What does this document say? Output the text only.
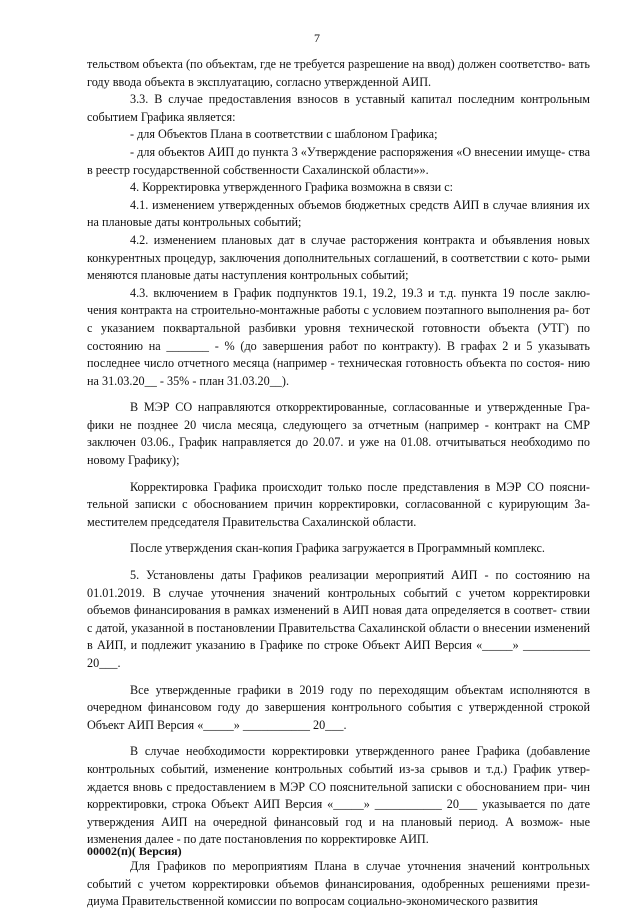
7

тельством объекта (по объектам, где не требуется разрешение на ввод) должен соответство- вать году ввода объекта в эксплуатацию, согласно утвержденной АИП.

3.3. В случае предоставления взносов в уставный капитал последним контрольным событием Графика является:

- для Объектов Плана в соответствии с шаблоном Графика;

- для объектов АИП до пункта 3 «Утверждение распоряжения «О внесении имуще- ства в реестр государственной собственности Сахалинской области»».

4. Корректировка утвержденного Графика возможна в связи с:

4.1. изменением утвержденных объемов бюджетных средств АИП в случае влияния их на плановые даты контрольных событий;

4.2. изменением плановых дат в случае расторжения контракта и объявления новых конкурентных процедур, заключения дополнительных соглашений, в соответствии с кото- рыми меняются плановые даты наступления контрольных событий;

4.3. включением в График подпунктов 19.1, 19.2, 19.3 и т.д. пункта 19 после заклю- чения контракта на строительно-монтажные работы с условием поэтапного выполнения ра- бот с указанием поквартальной разбивки уровня технической готовности объекта (УТГ) по состоянию на _______ - % (до завершения работ по контракту). В графах 2 и 5 указывать последнее число отчетного месяца (например - техническая готовность объекта по состоя- нию на 31.03.20__ - 35% - план 31.03.20__).

В МЭР СО направляются откорректированные, согласованные и утвержденные Гра- фики не позднее 20 числа месяца, следующего за отчетным (например - контракт на СМР заключен 03.06., График направляется до 20.07. и уже на 01.08. отчитываться необходимо по новому Графику);

Корректировка Графика происходит только после представления в МЭР СО поясни- тельной записки с обоснованием причин корректировки, согласованной с курирующим За- местителем председателя Правительства Сахалинской области.

После утверждения скан-копия Графика загружается в Программный комплекс.

5. Установлены даты Графиков реализации мероприятий АИП - по состоянию на 01.01.2019. В случае уточнения значений контрольных событий с учетом корректировки объемов финансирования в рамках изменений в АИП новая дата определяется в соответ- ствии с датой, указанной в постановлении Правительства Сахалинской области о внесении изменений в АИП, и подлежит указанию в Графике по строке Объект АИП Версия «_____» ___________ 20___.

Все утвержденные графики в 2019 году по переходящим объектам исполняются в очередном финансовом году до завершения контрольного события с утвержденной строкой Объект АИП Версия «_____» ___________ 20___.

В случае необходимости корректировки утвержденного ранее Графика (добавление контрольных событий, изменение контрольных событий из-за срывов и т.д.) График утвер- ждается вновь с предоставлением в МЭР СО пояснительной записки с обоснованием при- чин корректировки, строка Объект АИП Версия «_____» ___________ 20___ указывается по дате утверждения АИП на очередной финансовый год и на плановый период. А возмож- ные изменения далее - по дате постановления по корректировке АИП.

Для Графиков по мероприятиям Плана в случае уточнения значений контрольных событий с учетом корректировки объемов финансирования, одобренных решениями прези- диума Правительственной комиссии по вопросам социально-экономического развития

00002(п)( Версия)
